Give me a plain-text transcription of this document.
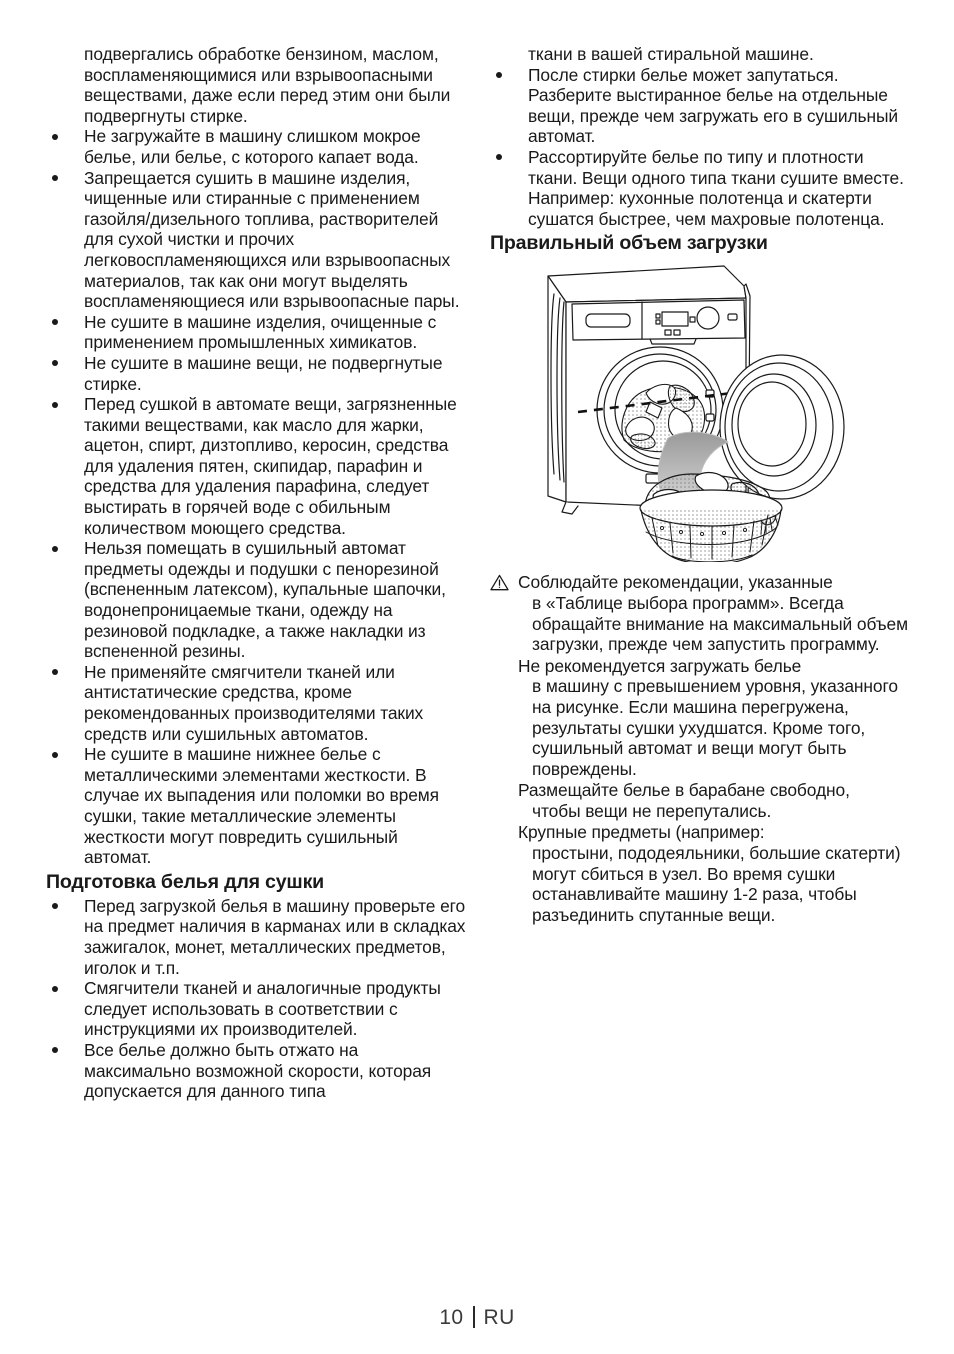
подвергались обработке бензином, маслом, воспламеняющимися или взрывоопасными веществами, даже если перед этим они были подвергнуты стирке.

Не загружайте в машину слишком мокрое белье, или белье, с которого капает вода.
Запрещается сушить в машине изделия, чищенные или стиранные с применением газойля/дизельного топлива, растворителей для сухой чистки и прочих легковоспламеняющихся или взрывоопасных материалов, так как они могут выделять воспламеняющиеся или взрывоопасные пары.
Не сушите в машине изделия, очищенные с применением промышленных химикатов.
Не сушите в машине вещи, не подвергнутые стирке.
Перед сушкой в автомате вещи, загрязненные такими веществами, как масло для жарки, ацетон, спирт, дизтопливо, керосин, средства для удаления пятен, скипидар, парафин и средства для удаления парафина, следует выстирать в горячей воде с обильным количеством моющего средства.
Нельзя помещать в сушильный автомат предметы одежды и подушки с пенорезиной (вспененным латексом), купальные шапочки, водонепроницаемые ткани, одежду на резиновой подкладке, а также накладки из вспененной резины.
Не применяйте смягчители тканей или антистатические средства, кроме рекомендованных производителями таких средств или сушильных автоматов.
Не сушите в машине нижнее белье с металлическими элементами жесткости. В случае их выпадения или поломки во время сушки, такие металлические элементы жесткости могут повредить сушильный автомат.
Подготовка белья для сушки
Перед загрузкой белья в машину проверьте его на предмет наличия в карманах или в складках зажигалок, монет, металлических предметов, иголок и т.п.
Смягчители тканей и аналогичные продукты следует использовать в соответствии с инструкциями их производителей.
Все белье должно быть отжато на максимально возможной скорости, которая допускается для данного типа

ткани в вашей стиральной машине.

После стирки белье может запутаться. Разберите выстиранное белье на отдельные вещи, прежде чем загружать его в сушильный автомат.
Рассортируйте белье по типу и плотности ткани. Вещи одного типа ткани сушите вместе. Например: кухонные полотенца и скатерти сушатся быстрее, чем махровые полотенца.
Правильный объем загрузки
Соблюдайте рекомендации, указанные
в «Таблице выбора программ». Всегда обращайте внимание на максимальный объем загрузки, прежде чем запустить программу.
Не рекомендуется загружать белье
в машину с превышением уровня, указанного на рисунке. Если машина перегружена, результаты сушки ухудшатся. Кроме того, сушильный автомат и вещи могут быть повреждены.
Размещайте белье в барабане свободно,
чтобы вещи не перепутались.
Крупные предметы (например:
простыни, пододеяльники, большие скатерти) могут сбиться в узел. Во время сушки останавливайте машину 1-2 раза, чтобы разъединить спутанные вещи.
10 RU
